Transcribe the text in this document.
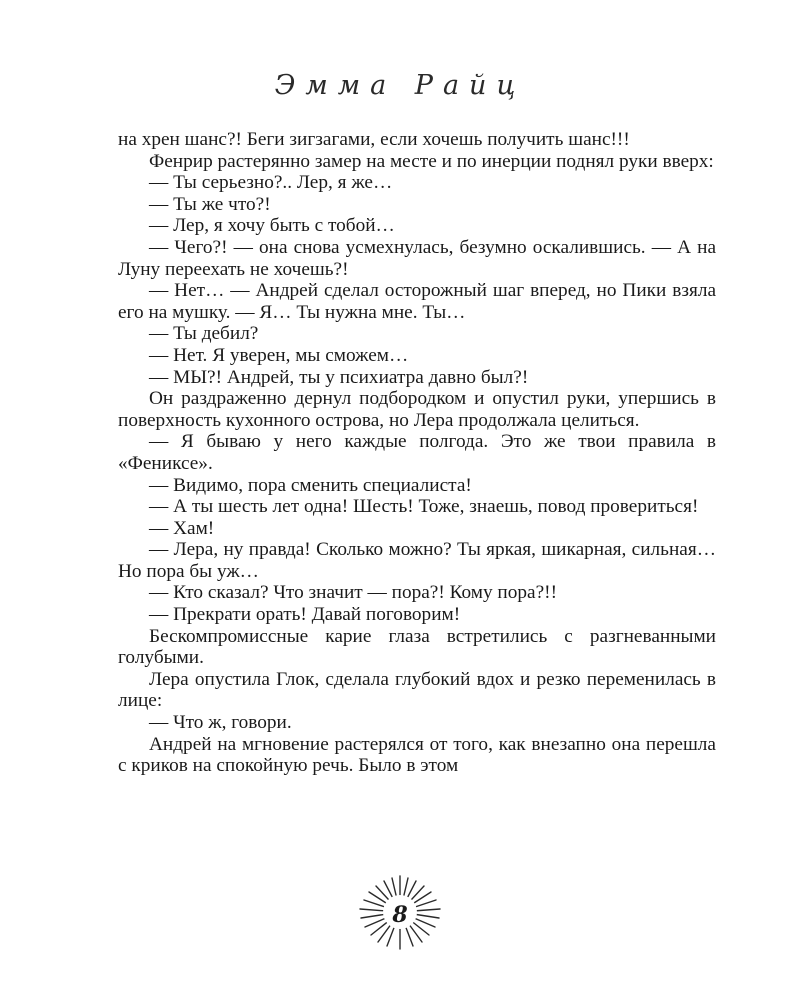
Эмма Райц

на хрен шанс?! Беги зигзагами, если хочешь получить шанс!!!

Фенрир растерянно замер на месте и по инерции поднял руки вверх:

— Ты серьезно?.. Лер, я же…

— Ты же что?!

— Лер, я хочу быть с тобой…

— Чего?! — она снова усмехнулась, безумно оскалившись. — А на Луну переехать не хочешь?!

— Нет… — Андрей сделал осторожный шаг вперед, но Пики взяла его на мушку. — Я… Ты нужна мне. Ты…

— Ты дебил?

— Нет. Я уверен, мы сможем…

— МЫ?! Андрей, ты у психиатра давно был?!

Он раздраженно дернул подбородком и опустил руки, упершись в поверхность кухонного острова, но Лера продолжала целиться.

— Я бываю у него каждые полгода. Это же твои правила в «Фениксе».

— Видимо, пора сменить специалиста!

— А ты шесть лет одна! Шесть! Тоже, знаешь, повод провериться!

— Хам!

— Лера, ну правда! Сколько можно? Ты яркая, шикарная, сильная… Но пора бы уж…

— Кто сказал? Что значит — пора?! Кому пора?!!

— Прекрати орать! Давай поговорим!

Бескомпромиссные карие глаза встретились с разгневанными голубыми.

Лера опустила Глок, сделала глубокий вдох и резко переменилась в лице:

— Что ж, говори.

Андрей на мгновение растерялся от того, как внезапно она перешла с криков на спокойную речь. Было в этом

8
